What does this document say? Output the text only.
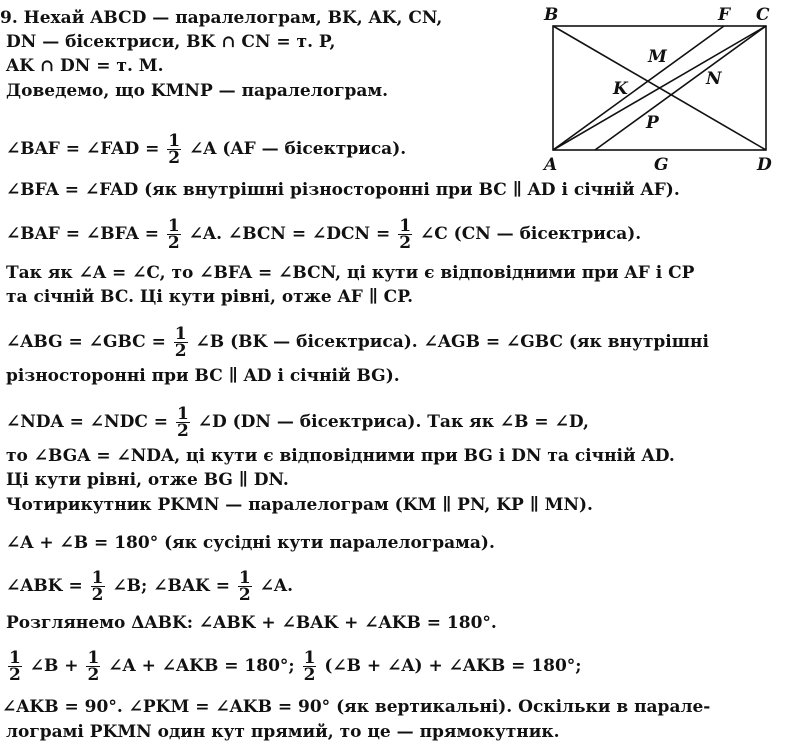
B	F C
M
N
K
P
A	G	D
9. Нехай ABCD — паралелограм, BK, AK, CN,
DN — бісектриси, BK ∩ CN = т. P,
AK ∩ DN = т. M.
Доведемо, що KMNP — паралелограм.
∠BAF = ∠FAD = $\frac{1}{2}$ ∠A (AF — бісектриса).
∠BFA = ∠FAD (як внутрішні різносторонні при BC ∥ AD і січній AF).
∠BAF = ∠BFA = $\frac{1}{2}$ ∠A. ∠BCN = ∠DCN = $\frac{1}{2}$ ∠C (CN — бісектриса).
Так як ∠A = ∠C, то ∠BFA = ∠BCN, ці кути є відповідними при AF і CP
та січній BC. Ці кути рівні, отже AF ∥ CP.
∠ABG = ∠GBC = $\frac{1}{2}$ ∠B (BK — бісектриса). ∠AGB = ∠GBC (як внутрішні
різносторонні при BC ∥ AD і січній BG).
∠NDA = ∠NDC = $\frac{1}{2}$ ∠D (DN — бісектриса). Так як ∠B = ∠D,
то ∠BGA = ∠NDA, ці кути є відповідними при BG і DN та січній AD.
Ці кути рівні, отже BG ∥ DN.
Чотирикутник PKMN — паралелограм (KM ∥ PN, KP ∥ MN).
∠A + ∠B = 180° (як сусідні кути паралелограма).
∠ABK = $\frac{1}{2}$ ∠B; ∠BAK = $\frac{1}{2}$ ∠A.
Розглянемо ΔABK: ∠ABK + ∠BAK + ∠AKB = 180°.
$\frac{1}{2}$ ∠B + $\frac{1}{2}$ ∠A + ∠AKB = 180°; $\frac{1}{2}$ (∠B + ∠A) + ∠AKB = 180°;
∠AKB = 90°. ∠PKM = ∠AKB = 90° (як вертикальні). Оскільки в парале-
лограмі PKMN один кут прямий, то це — прямокутник.
